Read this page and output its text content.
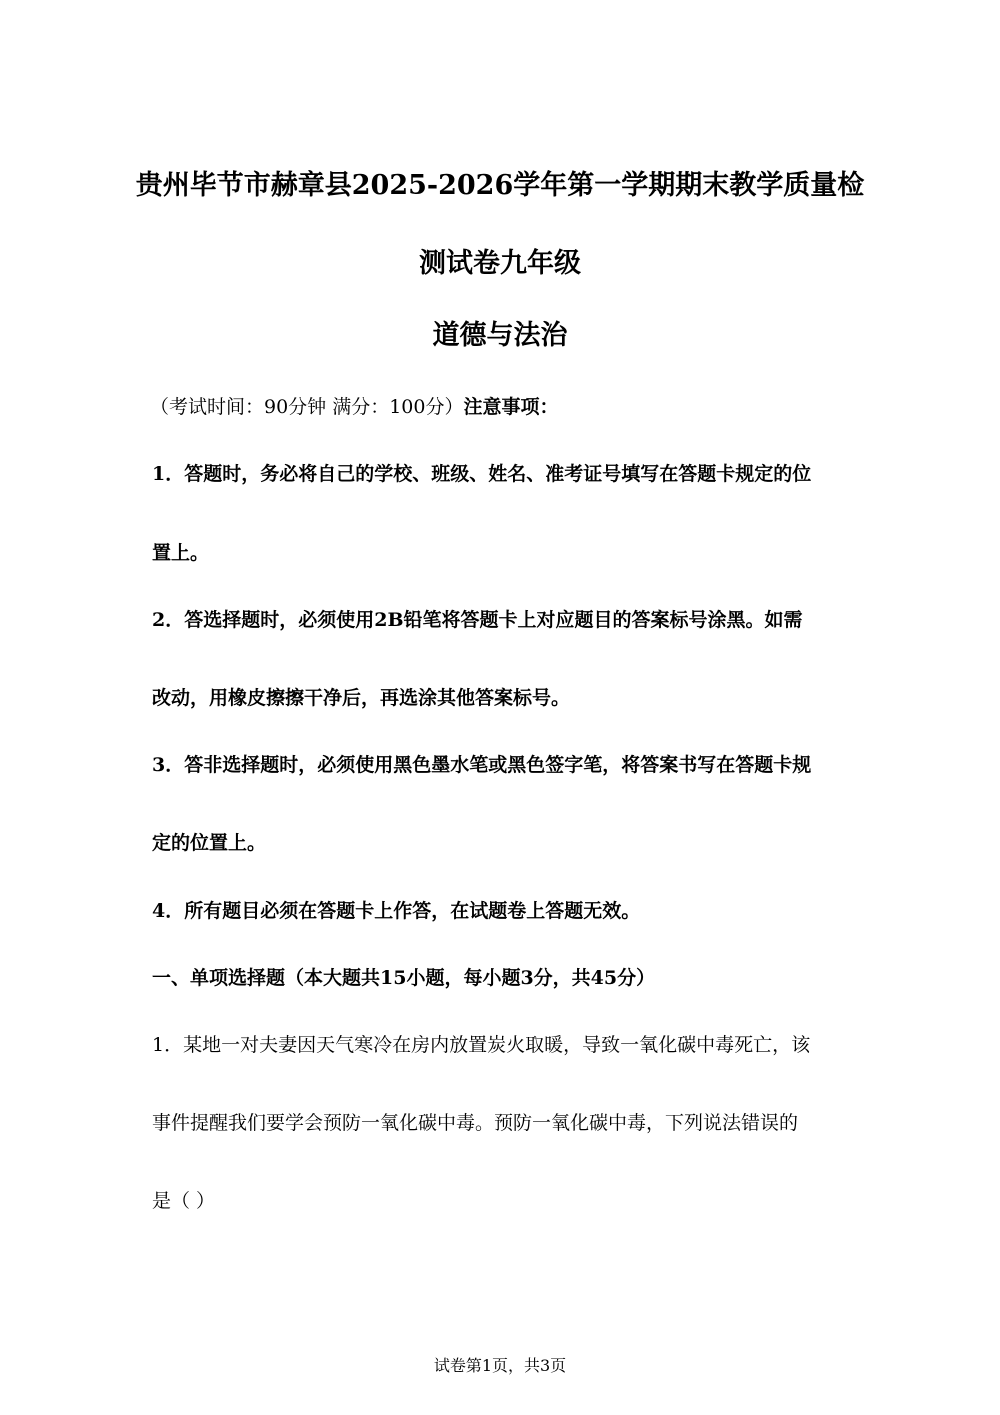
贵州毕节市赫章县2025-2026学年第一学期期末教学质量检
测试卷九年级
道德与法治
（考试时间：90分钟 满分：100分）注意事项：
1．答题时，务必将自己的学校、班级、姓名、准考证号填写在答题卡规定的位
置上。
2．答选择题时，必须使用2B铅笔将答题卡上对应题目的答案标号涂黑。如需
改动，用橡皮擦擦干净后，再选涂其他答案标号。
3．答非选择题时，必须使用黑色墨水笔或黑色签字笔，将答案书写在答题卡规
定的位置上。
4．所有题目必须在答题卡上作答，在试题卷上答题无效。
一、单项选择题（本大题共15小题，每小题3分，共45分）
1．某地一对夫妻因天气寒冷在房内放置炭火取暖，导致一氧化碳中毒死亡，该
事件提醒我们要学会预防一氧化碳中毒。预防一氧化碳中毒，下列说法错误的
是（ ）
试卷第1页，共3页
